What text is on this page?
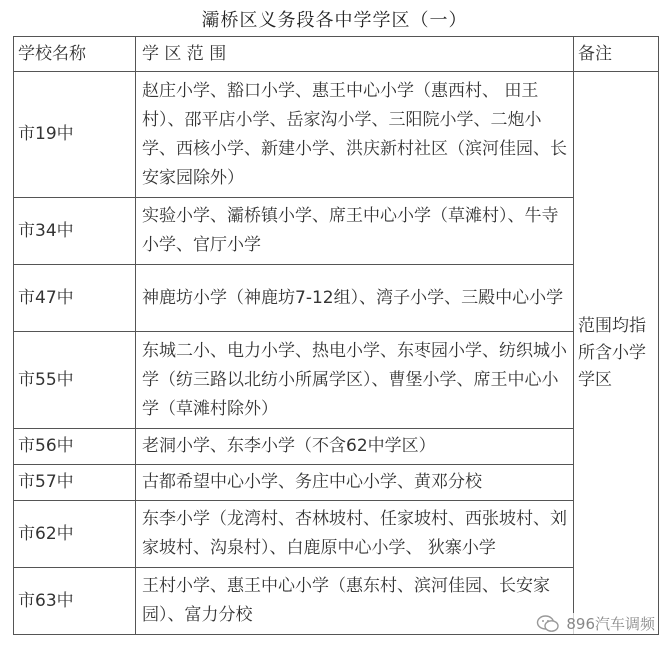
灞桥区义务段各中学学区（一）
学校名称	学 区 范 围	备注
市19中	赵庄小学、豁口小学、惠王中心小学（惠西村、 田王村）、邵平店小学、岳家沟小学、三阳院小学、二炮小学、西核小学、新建小学、洪庆新村社区（滨河佳园、长安家园除外）	范围均指所含小学学区
市34中	实验小学、灞桥镇小学、席王中心小学（草滩村）、牛寺小学、官厅小学	
市47中	神鹿坊小学（神鹿坊7-12组）、湾子小学、三殿中心小学	
市55中	东城二小、电力小学、热电小学、东枣园小学、纺织城小学（纺三路以北纺小所属学区）、曹堡小学、席王中心小学（草滩村除外）	
市56中	老洞小学、东李小学（不含62中学区）	
市57中	古都希望中心小学、务庄中心小学、黄邓分校	
市62中	东李小学（龙湾村、杏林坡村、任家坡村、西张坡村、刘家坡村、沟泉村）、白鹿原中心小学、 狄寨小学	
市63中	王村小学、惠王中心小学（惠东村、滨河佳园、长安家园）、富力分校		896汽车调频
